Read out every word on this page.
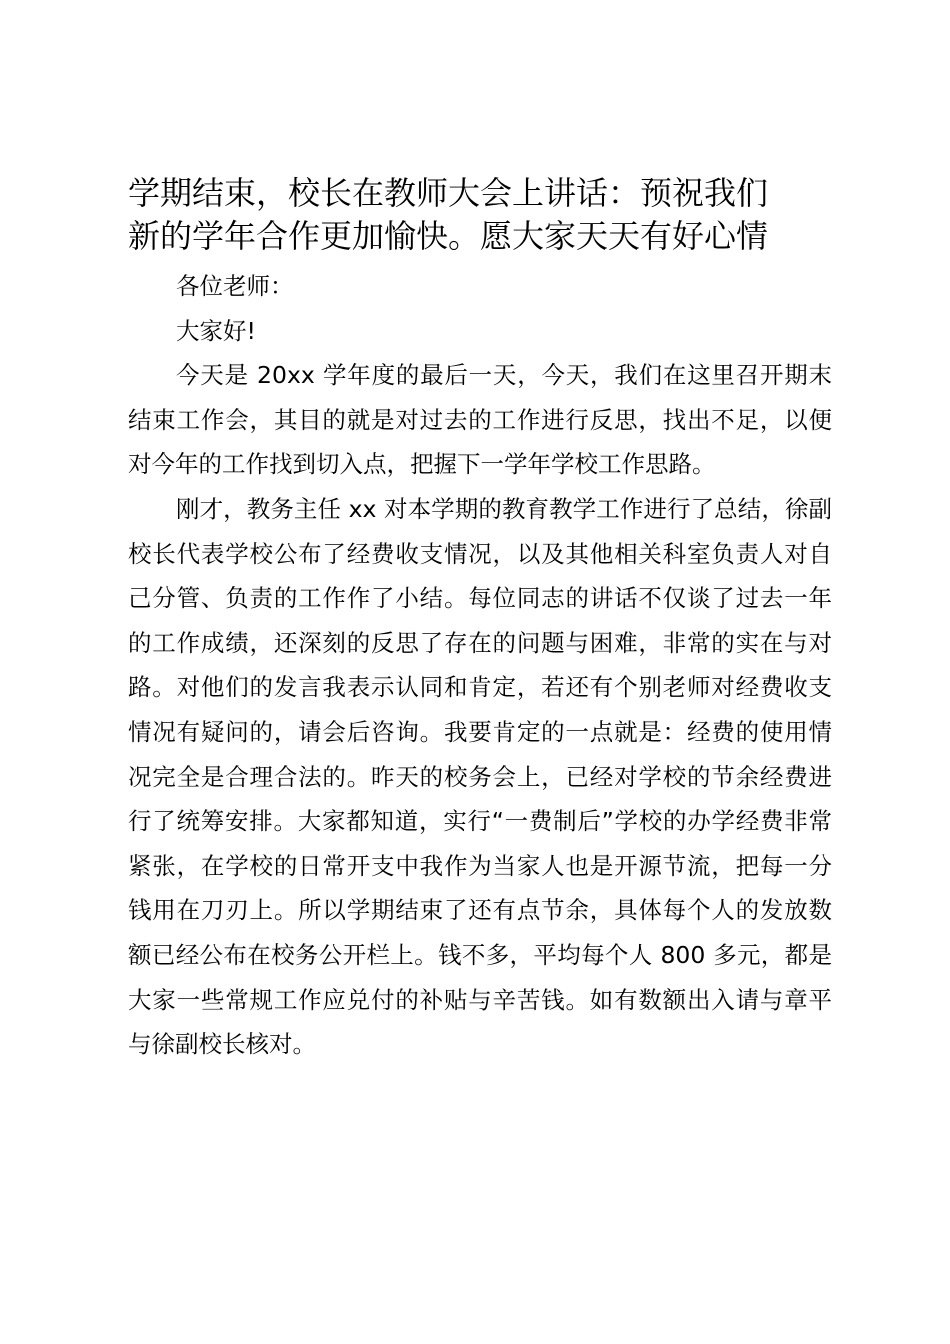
学期结束，校长在教师大会上讲话：预祝我们
新的学年合作更加愉快。愿大家天天有好心情

各位老师：

大家好!

今天是 20xx 学年度的最后一天，今天，我们在这里召开期末结束工作会，其目的就是对过去的工作进行反思，找出不足，以便对今年的工作找到切入点，把握下一学年学校工作思路。

刚才，教务主任 xx 对本学期的教育教学工作进行了总结，徐副校长代表学校公布了经费收支情况，以及其他相关科室负责人对自己分管、负责的工作作了小结。每位同志的讲话不仅谈了过去一年的工作成绩，还深刻的反思了存在的问题与困难，非常的实在与对路。对他们的发言我表示认同和肯定，若还有个别老师对经费收支情况有疑问的，请会后咨询。我要肯定的一点就是：经费的使用情况完全是合理合法的。昨天的校务会上，已经对学校的节余经费进行了统筹安排。大家都知道，实行“一费制后”学校的办学经费非常紧张，在学校的日常开支中我作为当家人也是开源节流，把每一分钱用在刀刃上。所以学期结束了还有点节余，具体每个人的发放数额已经公布在校务公开栏上。钱不多，平均每个人 800 多元，都是大家一些常规工作应兑付的补贴与辛苦钱。如有数额出入请与章平与徐副校长核对。
